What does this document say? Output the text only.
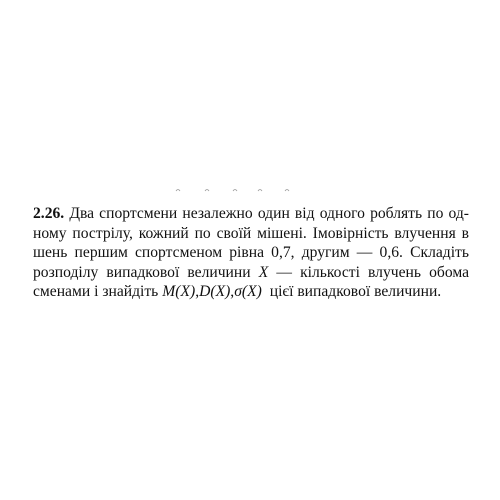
2.26. Два спортсмени незалежно один від одного роблять по од-
ному пострілу, кожний по своїй мішені. Імовірність влучення в
шень першим спортсменом рівна 0,7, другим — 0,6. Складіть
розподілу випадкової величини X — кількості влучень обома
сменами і знайдіть M(X),D(X),σ(X) цієї випадкової величини.
